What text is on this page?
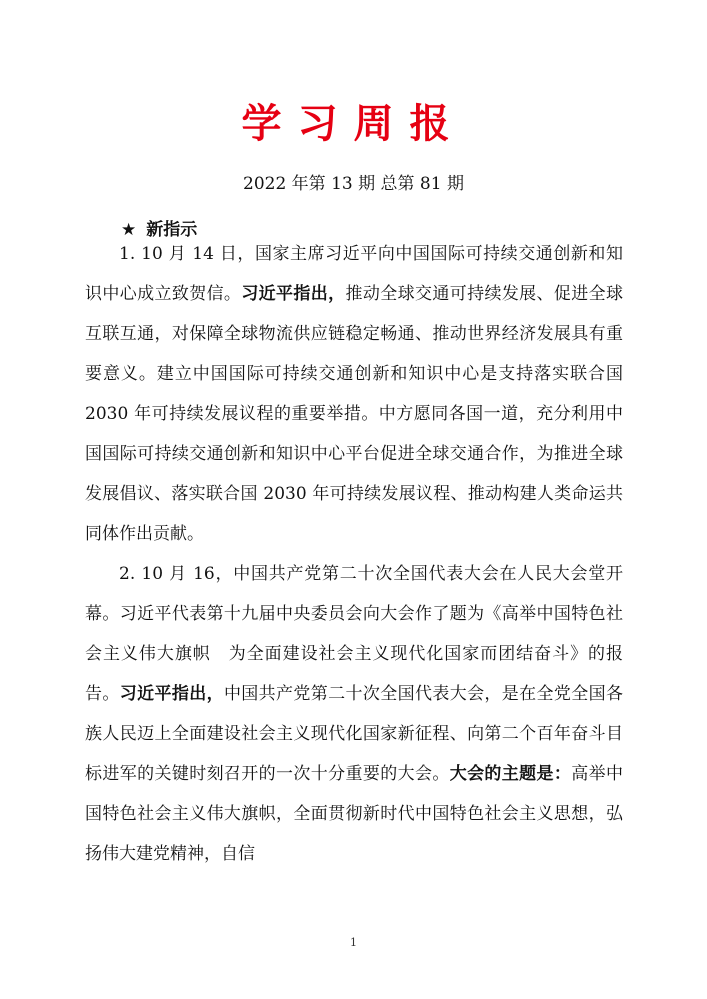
学习周报
2022 年第 13 期 总第 81 期
★ 新指示

1. 10 月 14 日，国家主席习近平向中国国际可持续交通创新和知识中心成立致贺信。习近平指出，推动全球交通可持续发展、促进全球互联互通，对保障全球物流供应链稳定畅通、推动世界经济发展具有重要意义。建立中国国际可持续交通创新和知识中心是支持落实联合国 2030 年可持续发展议程的重要举措。中方愿同各国一道，充分利用中国国际可持续交通创新和知识中心平台促进全球交通合作，为推进全球发展倡议、落实联合国 2030 年可持续发展议程、推动构建人类命运共同体作出贡献。

2. 10 月 16，中国共产党第二十次全国代表大会在人民大会堂开幕。习近平代表第十九届中央委员会向大会作了题为《高举中国特色社会主义伟大旗帜　为全面建设社会主义现代化国家而团结奋斗》的报告。习近平指出，中国共产党第二十次全国代表大会，是在全党全国各族人民迈上全面建设社会主义现代化国家新征程、向第二个百年奋斗目标进军的关键时刻召开的一次十分重要的大会。大会的主题是：高举中国特色社会主义伟大旗帜，全面贯彻新时代中国特色社会主义思想，弘扬伟大建党精神，自信

1
